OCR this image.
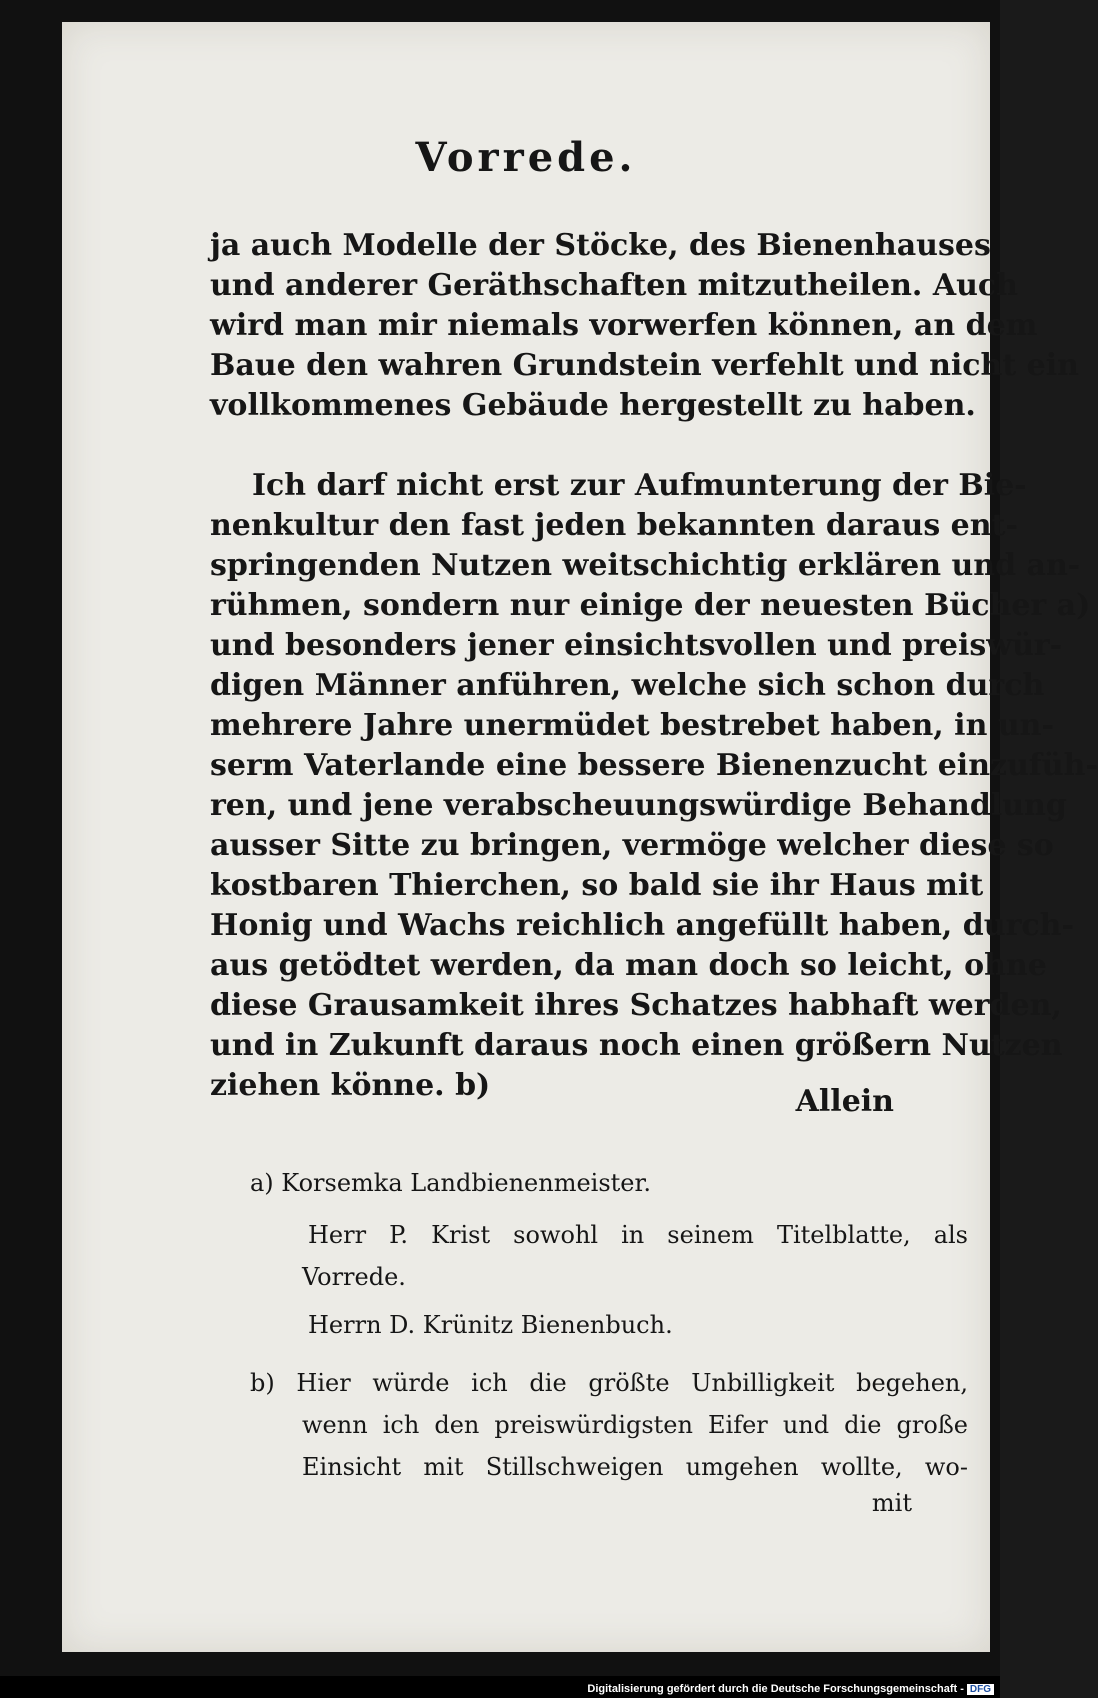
Vorrede.
ja auch Modelle der Stöcke, des Bienenhauses
und anderer Geräthschaften mitzutheilen. Auch
wird man mir niemals vorwerfen können, an dem
Baue den wahren Grundstein verfehlt und nicht ein
vollkommenes Gebäude hergestellt zu haben.
Ich darf nicht erst zur Aufmunterung der Bie-
nenkultur den fast jeden bekannten daraus ent-
springenden Nutzen weitschichtig erklären und an-
rühmen, sondern nur einige der neuesten Bücher a)
und besonders jener einsichtsvollen und preiswür-
digen Männer anführen, welche sich schon durch
mehrere Jahre unermüdet bestrebet haben, in un-
serm Vaterlande eine bessere Bienenzucht einzufüh-
ren, und jene verabscheuungswürdige Behandlung
ausser Sitte zu bringen, vermöge welcher diese so
kostbaren Thierchen, so bald sie ihr Haus mit
Honig und Wachs reichlich angefüllt haben, durch-
aus getödtet werden, da man doch so leicht, ohne
diese Grausamkeit ihres Schatzes habhaft werden,
und in Zukunft daraus noch einen größern Nutzen
ziehen könne. b)	Allein
a) Korsemka Landbienenmeister.
Herr P. Krist sowohl in seinem Titelblatte, als
Vorrede.
Herrn D. Krünitz Bienenbuch.
b) Hier würde ich die größte Unbilligkeit begehen,
wenn ich den preiswürdigsten Eifer und die große
Einsicht mit Stillschweigen umgehen wollte, wo-
mit
Digitalisierung gefördert durch die Deutsche Forschungsgemeinschaft - DFG
